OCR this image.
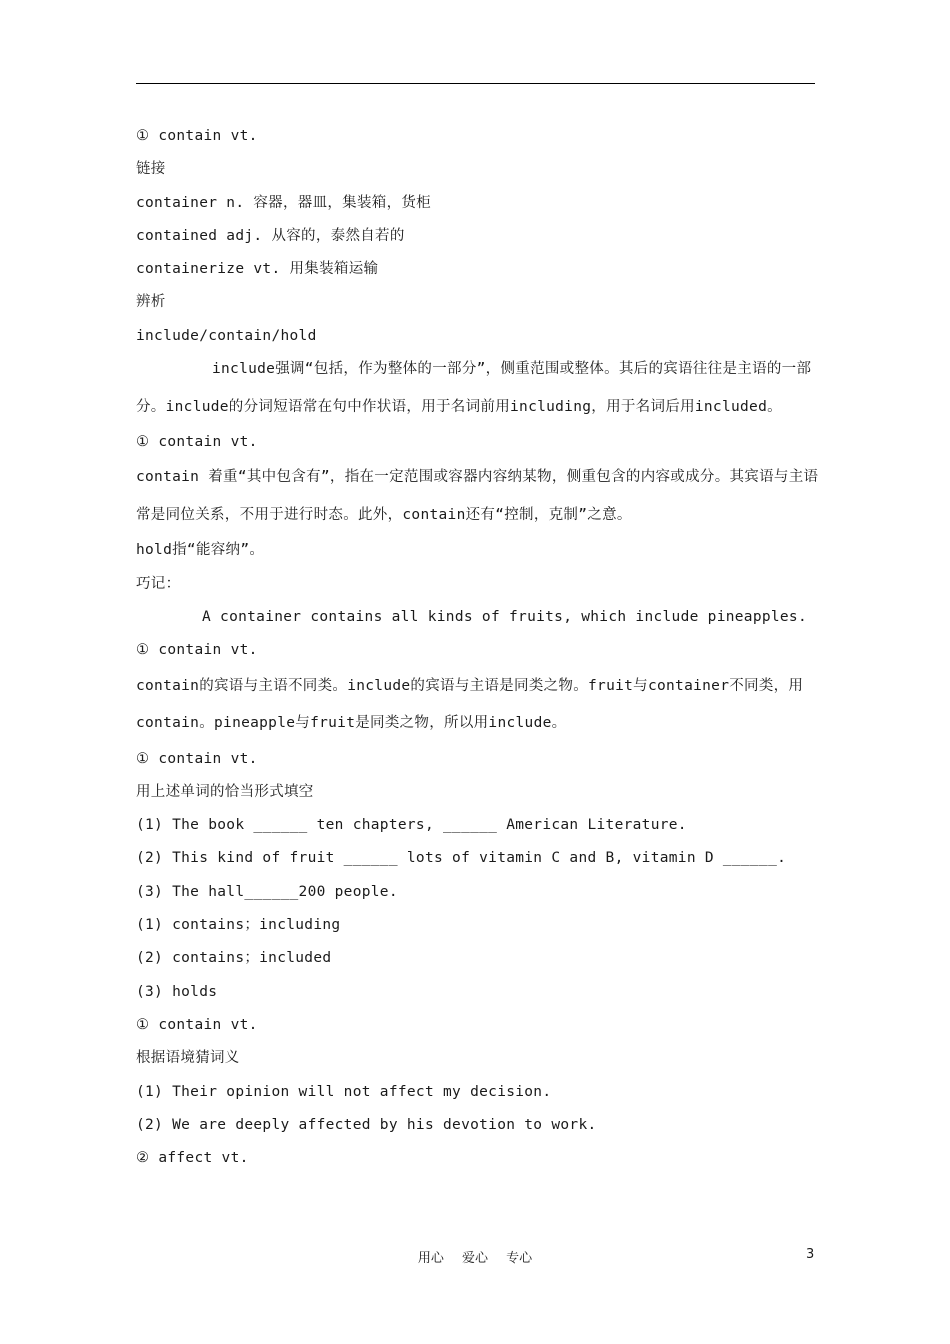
① contain vt.
链接
container n. 容器，器皿，集装箱，货柜
contained adj. 从容的，泰然自若的
containerize vt. 用集装箱运输
辨析
include/contain/hold
include强调“包括，作为整体的一部分”，侧重范围或整体。其后的宾语往往是主语的一部分。include的分词短语常在句中作状语，用于名词前用including，用于名词后用included。
① contain vt.
contain 着重“其中包含有”，指在一定范围或容器内容纳某物，侧重包含的内容或成分。其宾语与主语常是同位关系，不用于进行时态。此外，contain还有“控制，克制”之意。
hold指“能容纳”。
巧记：
A container contains all kinds of fruits, which include pineapples.
① contain vt.
contain的宾语与主语不同类。include的宾语与主语是同类之物。fruit与container不同类，用contain。pineapple与fruit是同类之物，所以用include。
① contain vt.
用上述单词的恰当形式填空
(1) The book ______ ten chapters, ______ American Literature.
(2) This kind of fruit ______ lots of vitamin C and B, vitamin D ______.
(3) The hall______200 people.
(1) contains；including
(2) contains；included
(3) holds
① contain vt.
根据语境猜词义
(1) Their opinion will not affect my decision.
(2) We are deeply affected by his devotion to work.
② affect vt.
用心 爱心 专心	3
